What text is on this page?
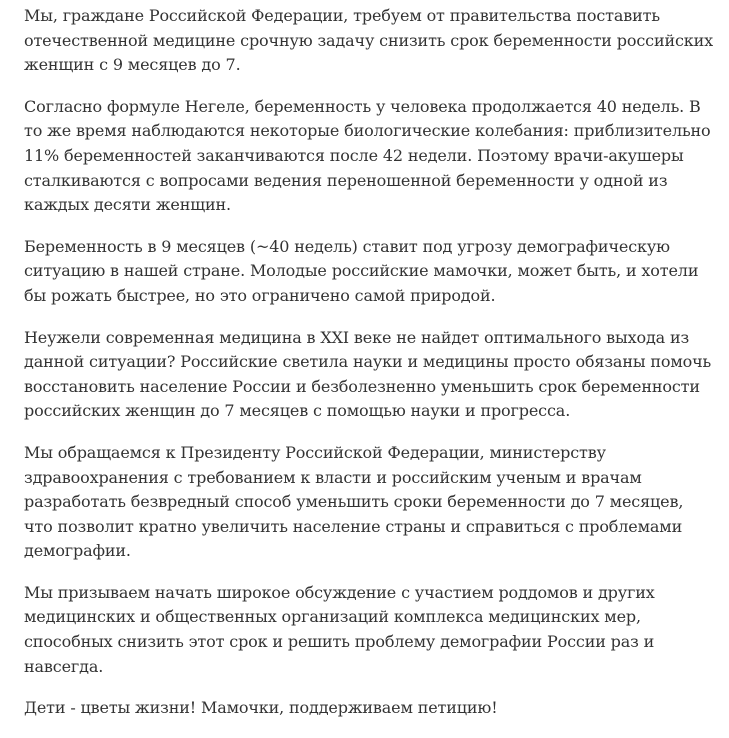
Мы, граждане Российской Федерации, требуем от правительства поставить отечественной медицине срочную задачу снизить срок беременности российских женщин с 9 месяцев до 7.

Согласно формуле Негеле, беременность у человека продолжается 40 недель. В то же время наблюдаются некоторые биологические колебания: приблизительно 11% беременностей заканчиваются после 42 недели. Поэтому врачи-акушеры сталкиваются с вопросами ведения переношенной беременности у одной из каждых десяти женщин.

Беременность в 9 месяцев (~40 недель) ставит под угрозу демографическую ситуацию в нашей стране. Молодые российские мамочки, может быть, и хотели бы рожать быстрее, но это ограничено самой природой.

Неужели современная медицина в XXI веке не найдет оптимального выхода из данной ситуации? Российские светила науки и медицины просто обязаны помочь восстановить население России и безболезненно уменьшить срок беременности российских женщин до 7 месяцев с помощью науки и прогресса.

Мы обращаемся к Президенту Российской Федерации, министерству здравоохранения с требованием к власти и российским ученым и врачам разработать безвредный способ уменьшить сроки беременности до 7 месяцев, что позволит кратно увеличить население страны и справиться с проблемами демографии.

Мы призываем начать широкое обсуждение с участием роддомов и других медицинских и общественных организаций комплекса медицинских мер, способных снизить этот срок и решить проблему демографии России раз и навсегда.

Дети - цветы жизни! Мамочки, поддерживаем петицию!
